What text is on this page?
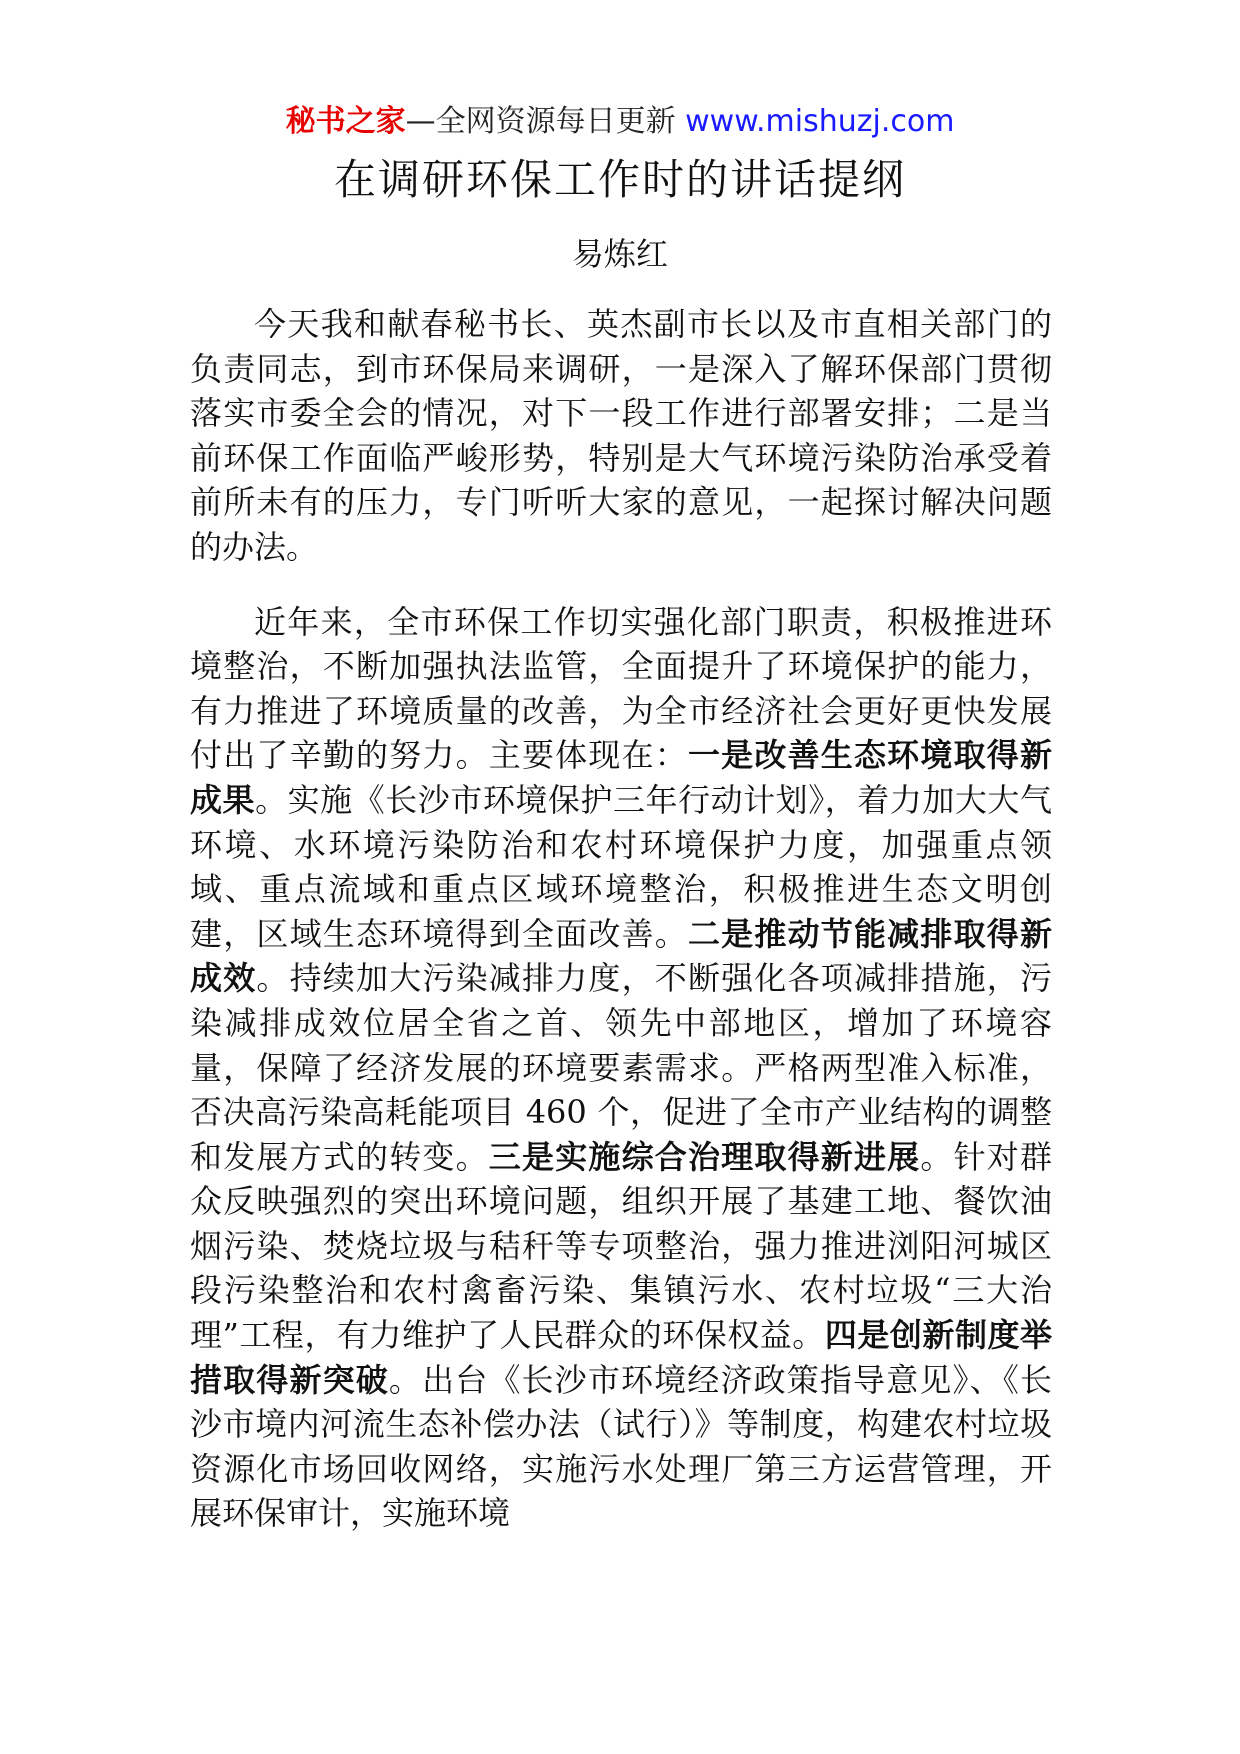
秘书之家—全网资源每日更新 www.mishuzj.com
在调研环保工作时的讲话提纲
易炼红

今天我和献春秘书长、英杰副市长以及市直相关部门的负责同志，到市环保局来调研，一是深入了解环保部门贯彻落实市委全会的情况，对下一段工作进行部署安排；二是当前环保工作面临严峻形势，特别是大气环境污染防治承受着前所未有的压力，专门听听大家的意见，一起探讨解决问题的办法。

近年来，全市环保工作切实强化部门职责，积极推进环境整治，不断加强执法监管，全面提升了环境保护的能力，有力推进了环境质量的改善，为全市经济社会更好更快发展付出了辛勤的努力。主要体现在：一是改善生态环境取得新成果。实施《长沙市环境保护三年行动计划》，着力加大大气环境、水环境污染防治和农村环境保护力度，加强重点领域、重点流域和重点区域环境整治，积极推进生态文明创建，区域生态环境得到全面改善。二是推动节能减排取得新成效。持续加大污染减排力度，不断强化各项减排措施，污染减排成效位居全省之首、领先中部地区，增加了环境容量，保障了经济发展的环境要素需求。严格两型准入标准，否决高污染高耗能项目 460 个，促进了全市产业结构的调整和发展方式的转变。三是实施综合治理取得新进展。针对群众反映强烈的突出环境问题，组织开展了基建工地、餐饮油烟污染、焚烧垃圾与秸秆等专项整治，强力推进浏阳河城区段污染整治和农村禽畜污染、集镇污水、农村垃圾“三大治理”工程，有力维护了人民群众的环保权益。四是创新制度举措取得新突破。出台《长沙市环境经济政策指导意见》、《长沙市境内河流生态补偿办法（试行）》等制度，构建农村垃圾资源化市场回收网络，实施污水处理厂第三方运营管理，开展环保审计，实施环境
